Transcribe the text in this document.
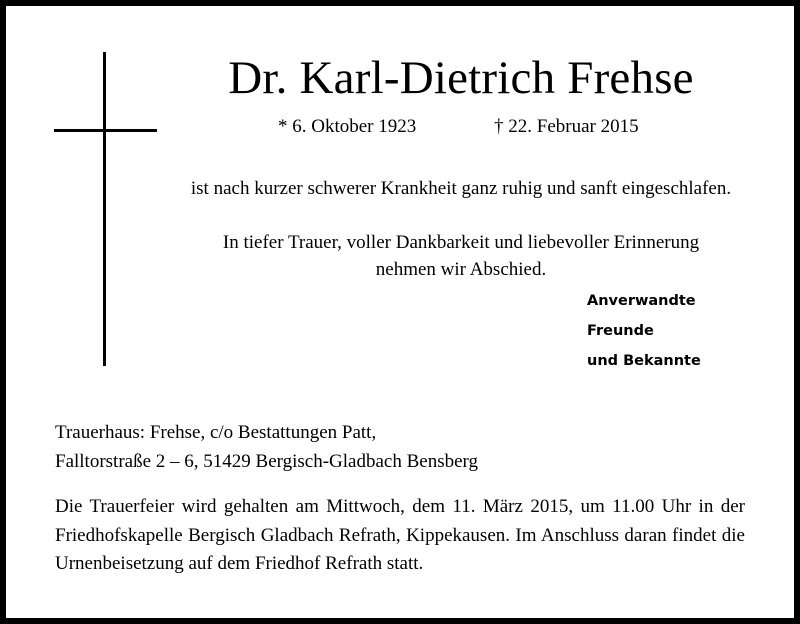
Dr. Karl-Dietrich Frehse
* 6. Oktober 1923	† 22. Februar 2015
ist nach kurzer schwerer Krankheit ganz ruhig und sanft eingeschlafen.
In tiefer Trauer, voller Dankbarkeit und liebevoller Erinnerung
nehmen wir Abschied.
Anverwandte
Freunde
und Bekannte
Trauerhaus: Frehse, c/o Bestattungen Patt,
Falltorstraße 2 – 6, 51429 Bergisch-Gladbach Bensberg
Die Trauerfeier wird gehalten am Mittwoch, dem 11. März 2015, um 11.00 Uhr in der Friedhofskapelle Bergisch Gladbach Refrath, Kippekausen. Im Anschluss daran findet die Urnenbeisetzung auf dem Friedhof Refrath statt.
